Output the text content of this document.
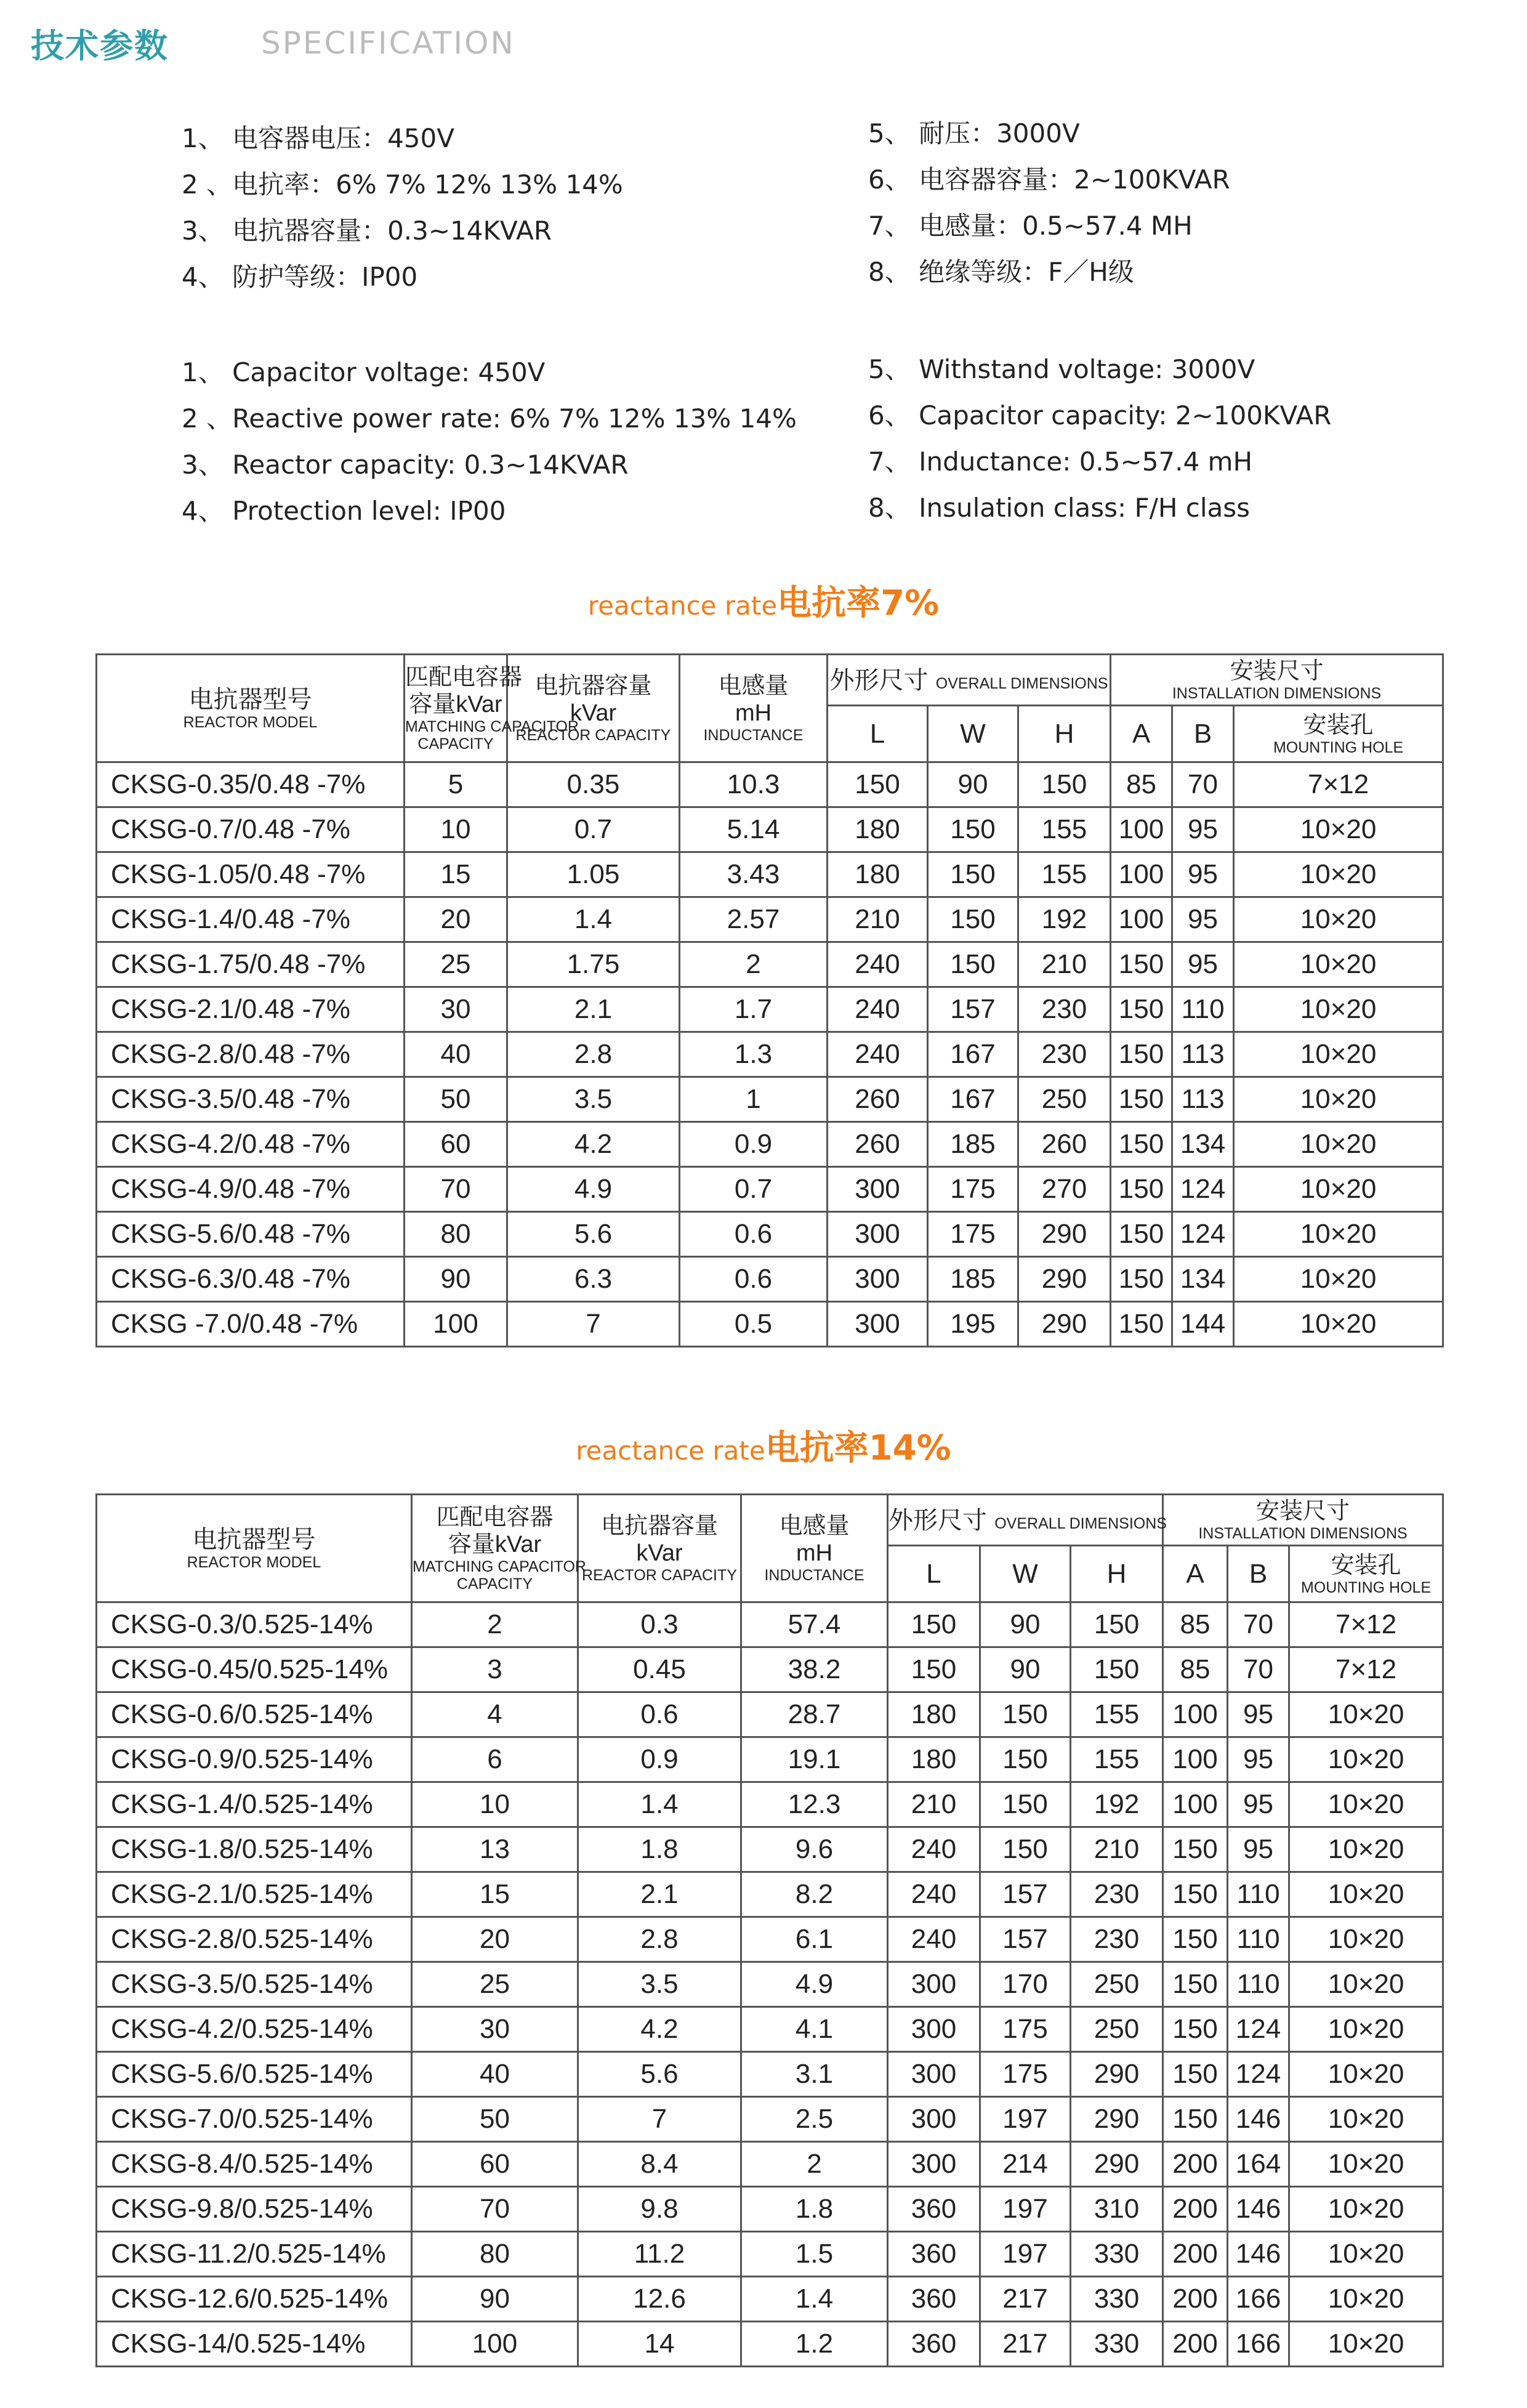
技术参数	SPECIFICATION
1、 电容器电压：450V
2 、电抗率：6% 7% 12% 13% 14%
3、 电抗器容量：0.3~14KVAR
4、 防护等级：IP00
5、 耐压：3000V
6、 电容器容量：2~100KVAR
7、 电感量：0.5~57.4 MH
8、 绝缘等级：F／H级
1、 Capacitor voltage: 450V
2 、Reactive power rate: 6% 7% 12% 13% 14%
3、 Reactor capacity: 0.3~14KVAR
4、 Protection level: IP00
5、 Withstand voltage: 3000V
6、 Capacitor capacity: 2~100KVAR
7、 Inductance: 0.5~57.4 mH
8、 Insulation class: F/H class
reactance rate电抗率7%
电抗器型号
REACTOR MODEL	匹配电容器
容量kVar
MATCHING CAPACITOR
CAPACITY	电抗器容量
kVar
REACTOR CAPACITY	电感量
mH
INDUCTANCE	外形尺寸 OVERALL DIMENSIONS			安装尺寸
INSTALLATION DIMENSIONS		

				L	W	H	A	B	安装孔
MOUNTING HOLE

CKSG-0.35/0.48 -7%	5	0.35	10.3	150	90	150	85	70	7×12
CKSG-0.7/0.48 -7%	10	0.7	5.14	180	150	155	100	95	10×20
CKSG-1.05/0.48 -7%	15	1.05	3.43	180	150	155	100	95	10×20
CKSG-1.4/0.48 -7%	20	1.4	2.57	210	150	192	100	95	10×20
CKSG-1.75/0.48 -7%	25	1.75	2	240	150	210	150	95	10×20
CKSG-2.1/0.48 -7%	30	2.1	1.7	240	157	230	150	110	10×20
CKSG-2.8/0.48 -7%	40	2.8	1.3	240	167	230	150	113	10×20
CKSG-3.5/0.48 -7%	50	3.5	1	260	167	250	150	113	10×20
CKSG-4.2/0.48 -7%	60	4.2	0.9	260	185	260	150	134	10×20
CKSG-4.9/0.48 -7%	70	4.9	0.7	300	175	270	150	124	10×20
CKSG-5.6/0.48 -7%	80	5.6	0.6	300	175	290	150	124	10×20
CKSG-6.3/0.48 -7%	90	6.3	0.6	300	185	290	150	134	10×20
CKSG -7.0/0.48 -7%	100	7	0.5	300	195	290	150	144	10×20
reactance rate电抗率14%
电抗器型号
REACTOR MODEL	匹配电容器
容量kVar
MATCHING CAPACITOR
CAPACITY	电抗器容量
kVar
REACTOR CAPACITY	电感量
mH
INDUCTANCE	外形尺寸 OVERALL DIMENSIONS			安装尺寸
INSTALLATION DIMENSIONS		

				L	W	H	A	B	安装孔
MOUNTING HOLE

CKSG-0.3/0.525-14%	2	0.3	57.4	150	90	150	85	70	7×12
CKSG-0.45/0.525-14%	3	0.45	38.2	150	90	150	85	70	7×12
CKSG-0.6/0.525-14%	4	0.6	28.7	180	150	155	100	95	10×20
CKSG-0.9/0.525-14%	6	0.9	19.1	180	150	155	100	95	10×20
CKSG-1.4/0.525-14%	10	1.4	12.3	210	150	192	100	95	10×20
CKSG-1.8/0.525-14%	13	1.8	9.6	240	150	210	150	95	10×20
CKSG-2.1/0.525-14%	15	2.1	8.2	240	157	230	150	110	10×20
CKSG-2.8/0.525-14%	20	2.8	6.1	240	157	230	150	110	10×20
CKSG-3.5/0.525-14%	25	3.5	4.9	300	170	250	150	110	10×20
CKSG-4.2/0.525-14%	30	4.2	4.1	300	175	250	150	124	10×20
CKSG-5.6/0.525-14%	40	5.6	3.1	300	175	290	150	124	10×20
CKSG-7.0/0.525-14%	50	7	2.5	300	197	290	150	146	10×20
CKSG-8.4/0.525-14%	60	8.4	2	300	214	290	200	164	10×20
CKSG-9.8/0.525-14%	70	9.8	1.8	360	197	310	200	146	10×20
CKSG-11.2/0.525-14%	80	11.2	1.5	360	197	330	200	146	10×20
CKSG-12.6/0.525-14%	90	12.6	1.4	360	217	330	200	166	10×20
CKSG-14/0.525-14%	100	14	1.2	360	217	330	200	166	10×20
